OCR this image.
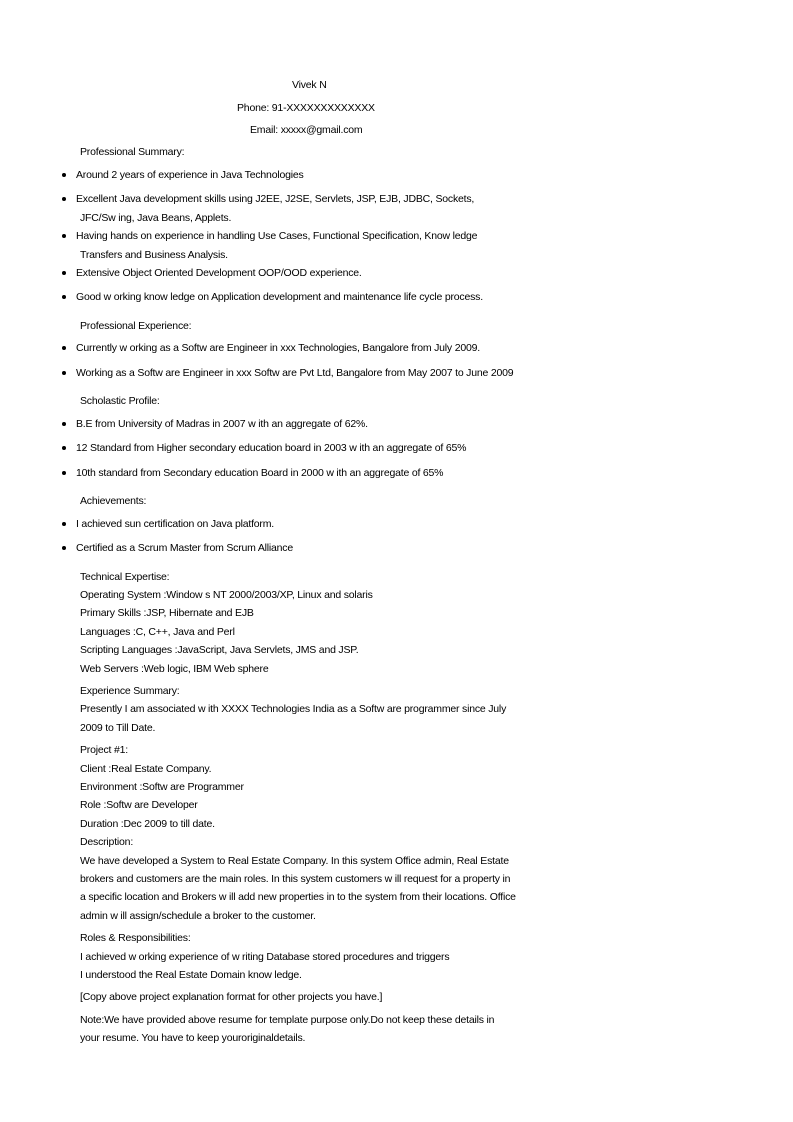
Vivek N
Phone: 91-XXXXXXXXXXXXX
Email: xxxxx@gmail.com
Professional Summary:
Around 2 years of experience in Java Technologies
Excellent Java development skills using J2EE, J2SE, Servlets, JSP, EJB, JDBC, Sockets,
JFC/Sw ing, Java Beans, Applets.
Having hands on experience in handling Use Cases, Functional Specification, Know ledge
Transfers and Business Analysis.
Extensive Object Oriented Development OOP/OOD experience.
Good w orking know ledge on Application development and maintenance life cycle process.
Professional Experience:
Currently w orking as a Softw are Engineer in xxx Technologies, Bangalore from July 2009.
Working as a Softw are Engineer in xxx Softw are Pvt Ltd, Bangalore from May 2007 to June 2009
Scholastic Profile:
B.E from University of Madras in 2007 w ith an aggregate of 62%.
12 Standard from Higher secondary education board in 2003 w ith an aggregate of 65%
10th standard from Secondary education Board in 2000 w ith an aggregate of 65%
Achievements:
I achieved sun certification on Java platform.
Certified as a Scrum Master from Scrum Alliance
Technical Expertise:
Operating System :Window s NT 2000/2003/XP, Linux and solaris
Primary Skills :JSP, Hibernate and EJB
Languages :C, C++, Java and Perl
Scripting Languages :JavaScript, Java Servlets, JMS and JSP.
Web Servers :Web logic, IBM Web sphere
Experience Summary:
Presently I am associated w ith XXXX Technologies India as a Softw are programmer since July
2009 to Till Date.
Project #1:
Client :Real Estate Company.
Environment :Softw are Programmer
Role :Softw are Developer
Duration :Dec 2009 to till date.
Description:
We have developed a System to Real Estate Company. In this system Office admin, Real Estate
brokers and customers are the main roles. In this system customers w ill request for a property in
a specific location and Brokers w ill add new properties in to the system from their locations. Office
admin w ill assign/schedule a broker to the customer.
Roles & Responsibilities:
I achieved w orking experience of w riting Database stored procedures and triggers
I understood the Real Estate Domain know ledge.
[Copy above project explanation format for other projects you have.]
Note:We have provided above resume for template purpose only.Do not keep these details in
your resume. You have to keep youroriginaldetails.
